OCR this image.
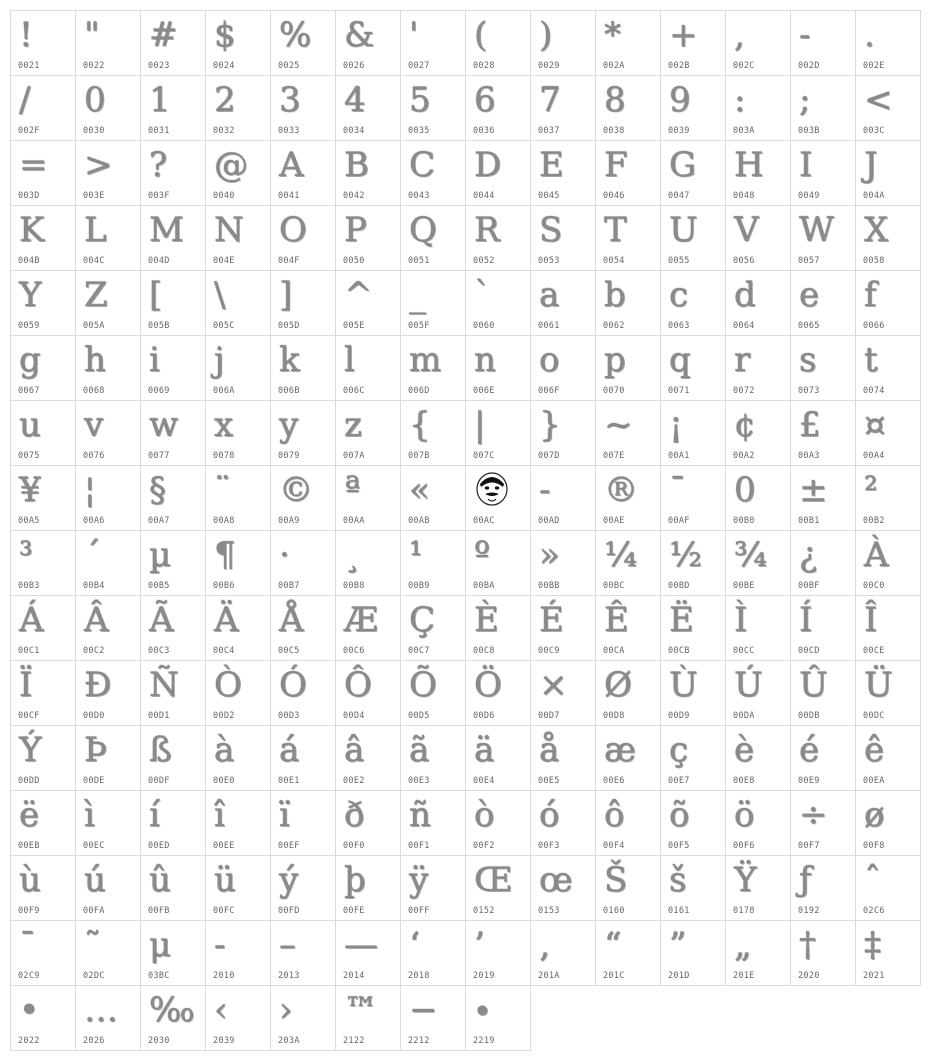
!
0021
"
0022
#
0023
$
0024
%
0025
&
0026
'
0027
(
0028
)
0029
*
002A
+
002B
,
002C
-
002D
.
002E
/
002F
0
0030
1
0031
2
0032
3
0033
4
0034
5
0035
6
0036
7
0037
8
0038
9
0039
:
003A
;
003B
<
003C
=
003D
>
003E
?
003F
@
0040
A
0041
B
0042
C
0043
D
0044
E
0045
F
0046
G
0047
H
0048
I
0049
J
004A
K
004B
L
004C
M
004D
N
004E
O
004F
P
0050
Q
0051
R
0052
S
0053
T
0054
U
0055
V
0056
W
0057
X
0058
Y
0059
Z
005A
[
005B
\
005C
]
005D
^
005E
_
005F
`
0060
a
0061
b
0062
c
0063
d
0064
e
0065
f
0066
g
0067
h
0068
i
0069
j
006A
k
006B
l
006C
m
006D
n
006E
o
006F
p
0070
q
0071
r
0072
s
0073
t
0074
u
0075
v
0076
w
0077
x
0078
y
0079
z
007A
{
007B
|
007C
}
007D
~
007E
¡
00A1
¢
00A2
£
00A3
¤
00A4
¥
00A5
¦
00A6
§
00A7
¨
00A8
©
00A9
ª
00AA
«
00AB	00AC
-
00AD
®
00AE
¯
00AF
0
00B0
±
00B1
²
00B2
³
00B3
´
00B4
µ
00B5
¶
00B6
·
00B7
¸
00B8
¹
00B9
º
00BA
»
00BB
¼
00BC
½
00BD
¾
00BE
¿
00BF
À
00C0
Á
00C1
Â
00C2
Ã
00C3
Ä
00C4
Å
00C5
Æ
00C6
Ç
00C7
È
00C8
É
00C9
Ê
00CA
Ë
00CB
Ì
00CC
Í
00CD
Î
00CE
Ï
00CF
Ð
00D0
Ñ
00D1
Ò
00D2
Ó
00D3
Ô
00D4
Õ
00D5
Ö
00D6
×
00D7
Ø
00D8
Ù
00D9
Ú
00DA
Û
00DB
Ü
00DC
Ý
00DD
Þ
00DE
ß
00DF
à
00E0
á
00E1
â
00E2
ã
00E3
ä
00E4
å
00E5
æ
00E6
ç
00E7
è
00E8
é
00E9
ê
00EA
ë
00EB
ì
00EC
í
00ED
î
00EE
ï
00EF
ð
00F0
ñ
00F1
ò
00F2
ó
00F3
ô
00F4
õ
00F5
ö
00F6
÷
00F7
ø
00F8
ù
00F9
ú
00FA
û
00FB
ü
00FC
ý
00FD
þ
00FE
ÿ
00FF
Œ
0152
œ
0153
Š
0160
š
0161
Ÿ
0178
ƒ
0192
ˆ
02C6
ˉ
02C9
˜
02DC
μ
03BC
‐
2010
–
2013
—
2014
‘
2018
’
2019
‚
201A
“
201C
”
201D
„
201E
†
2020
‡
2021
•
2022
…
2026
‰
2030
‹
2039
›
203A
™
2122
−
2212
∙
2219
